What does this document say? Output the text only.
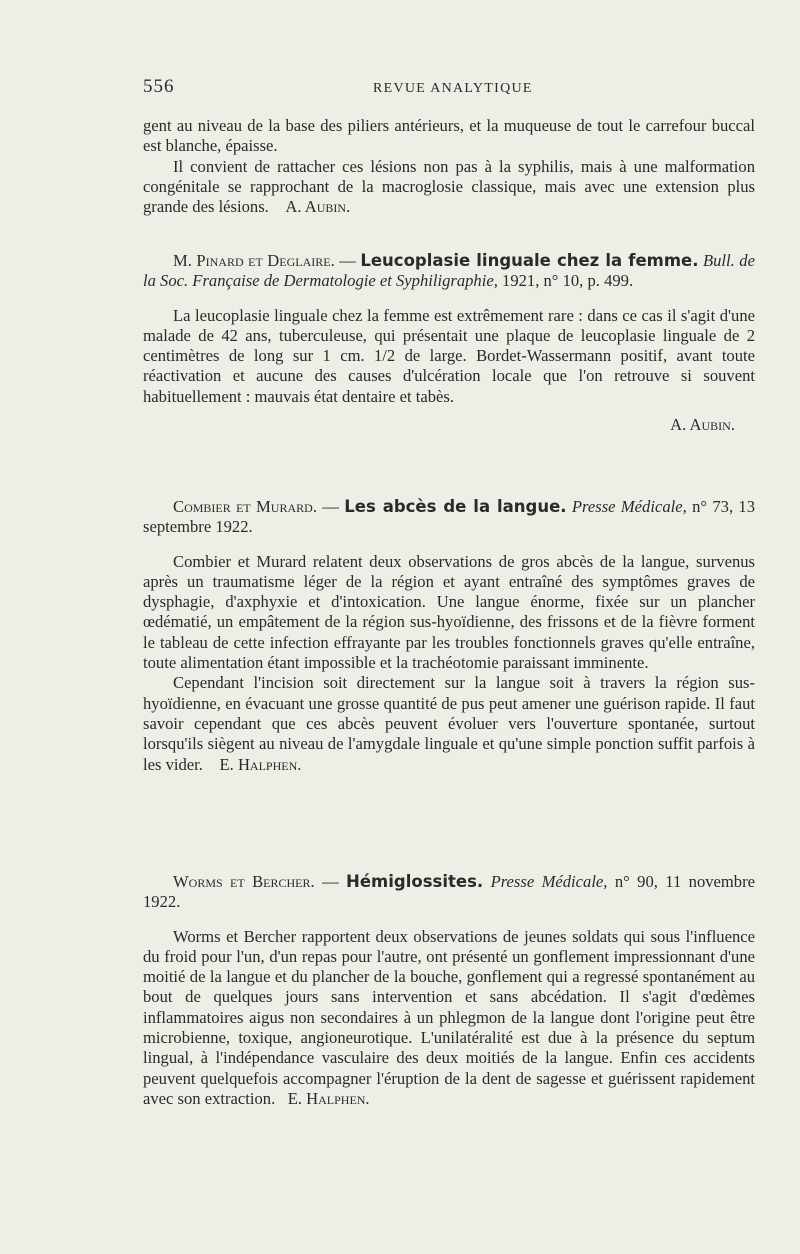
556	REVUE ANALYTIQUE

gent au niveau de la base des piliers antérieurs, et la muqueuse de tout le carrefour buccal est blanche, épaisse.

Il convient de rattacher ces lésions non pas à la syphilis, mais à une malformation congénitale se rapprochant de la macroglosie classique, mais avec une extension plus grande des lésions. A. Aubin.

M. Pinard et Deglaire. — Leucoplasie linguale chez la femme. Bull. de la Soc. Française de Dermatologie et Syphiligraphie, 1921, n° 10, p. 499.

La leucoplasie linguale chez la femme est extrêmement rare : dans ce cas il s'agit d'une malade de 42 ans, tuberculeuse, qui présentait une plaque de leucoplasie linguale de 2 centimètres de long sur 1 cm. 1/2 de large. Bordet-Wassermann positif, avant toute réactivation et aucune des causes d'ulcération locale que l'on retrouve si souvent habituellement : mauvais état dentaire et tabès.

A. Aubin.

Combier et Murard. — Les abcès de la langue. Presse Médicale, n° 73, 13 septembre 1922.

Combier et Murard relatent deux observations de gros abcès de la langue, survenus après un traumatisme léger de la région et ayant entraîné des symptômes graves de dysphagie, d'axphyxie et d'intoxication. Une langue énorme, fixée sur un plancher œdématié, un empâtement de la région sus-hyoïdienne, des frissons et de la fièvre forment le tableau de cette infection effrayante par les troubles fonctionnels graves qu'elle entraîne, toute alimentation étant impossible et la trachéotomie paraissant imminente.

Cependant l'incision soit directement sur la langue soit à travers la région sus-hyoïdienne, en évacuant une grosse quantité de pus peut amener une guérison rapide. Il faut savoir cependant que ces abcès peuvent évoluer vers l'ouverture spontanée, surtout lorsqu'ils siègent au niveau de l'amygdale linguale et qu'une simple ponction suffit parfois à les vider. E. Halphen.

Worms et Bercher. — Hémiglossites. Presse Médicale, n° 90, 11 novembre 1922.

Worms et Bercher rapportent deux observations de jeunes soldats qui sous l'influence du froid pour l'un, d'un repas pour l'autre, ont présenté un gonflement impressionnant d'une moitié de la langue et du plancher de la bouche, gonflement qui a regressé spontanément au bout de quelques jours sans intervention et sans abcédation. Il s'agit d'œdèmes inflammatoires aigus non secondaires à un phlegmon de la langue dont l'origine peut être microbienne, toxique, angioneurotique. L'unilatéralité est due à la présence du septum lingual, à l'indépendance vasculaire des deux moitiés de la langue. Enfin ces accidents peuvent quelquefois accompagner l'éruption de la dent de sagesse et guérissent rapidement avec son extraction. E. Halphen.
